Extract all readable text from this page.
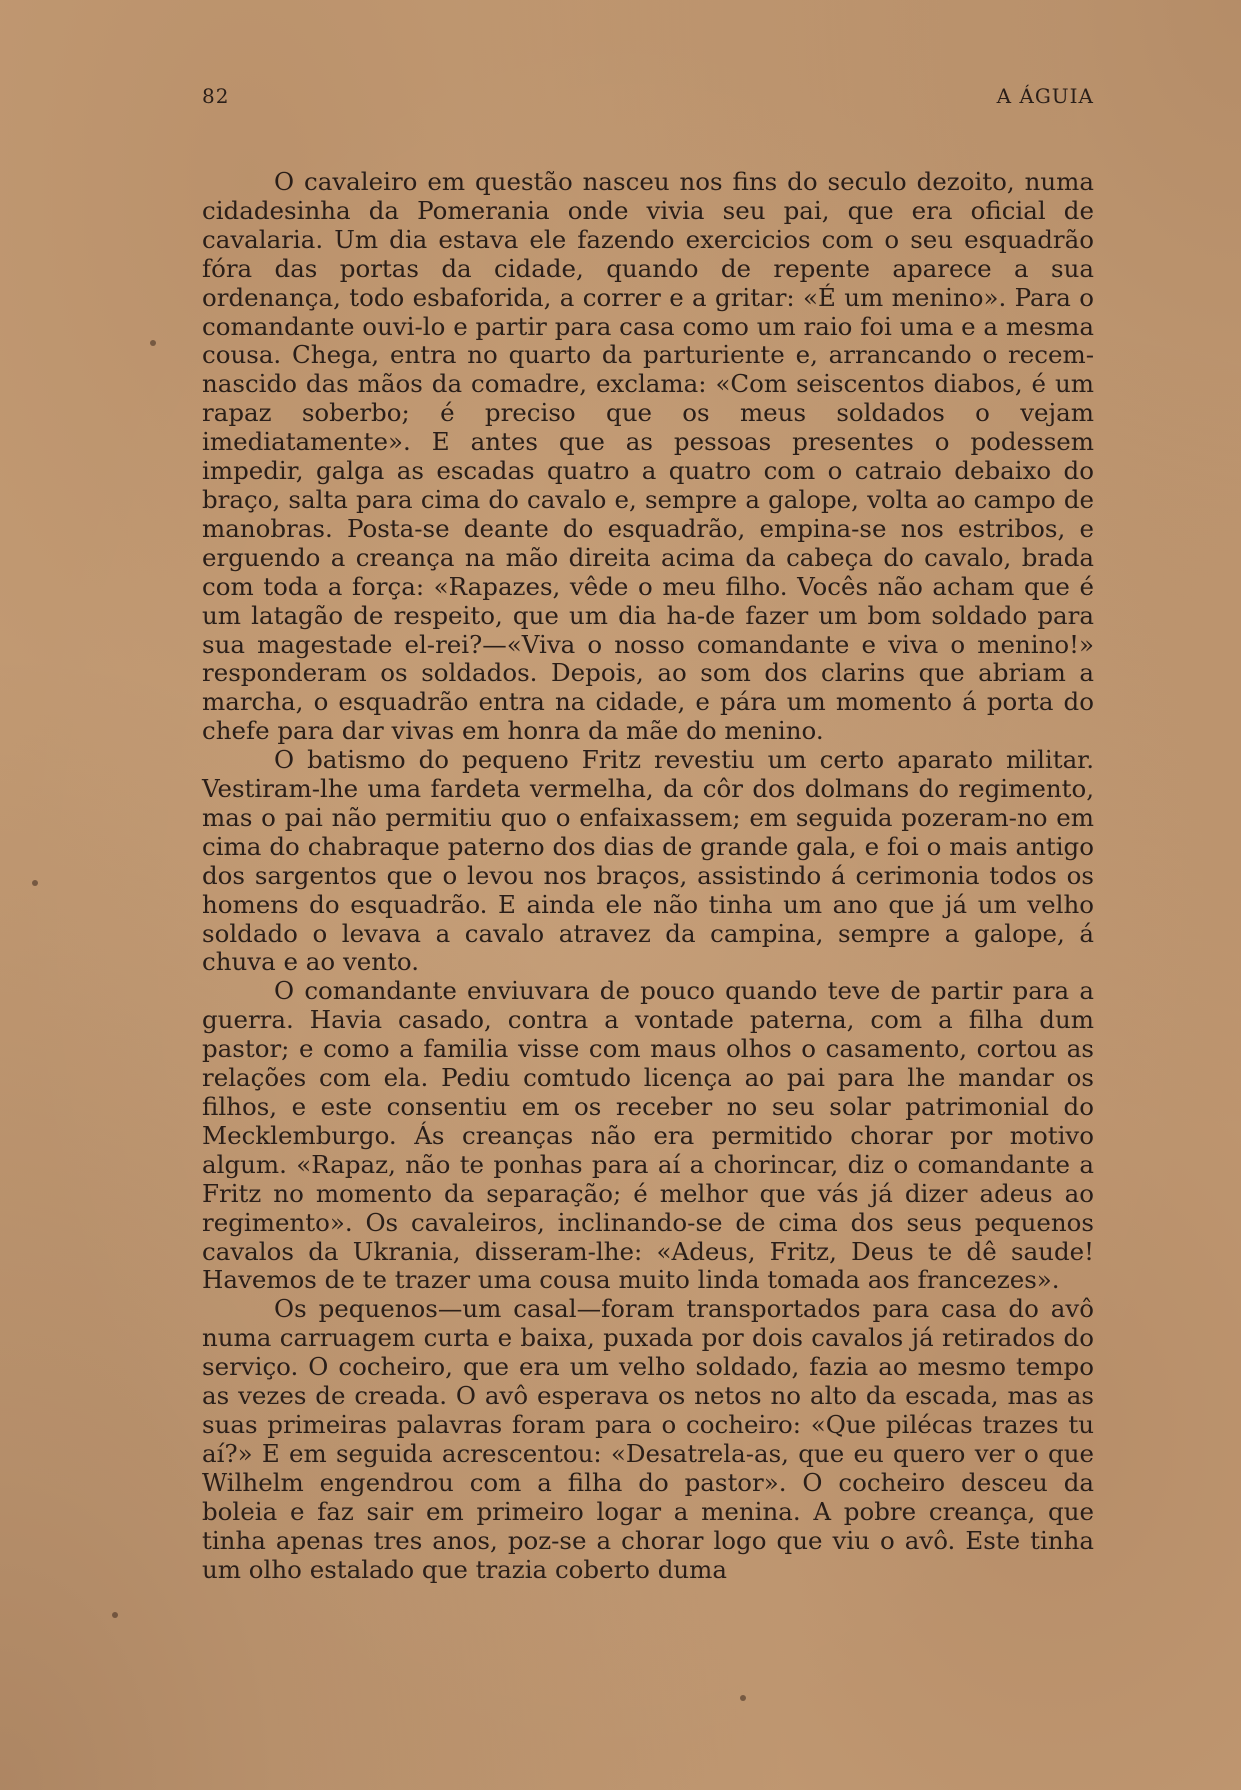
82	A ÁGUIA

O cavaleiro em questão nasceu nos fins do seculo dezoito, numa cidadesinha da Pomerania onde vivia seu pai, que era oficial de cavalaria. Um dia estava ele fazendo exercicios com o seu esquadrão fóra das portas da cidade, quando de repente aparece a sua ordenança, todo esbaforida, a correr e a gritar: «É um menino». Para o comandante ouvi-lo e partir para casa como um raio foi uma e a mesma cousa. Chega, entra no quarto da parturiente e, arrancando o recem-nascido das mãos da comadre, exclama: «Com seiscentos diabos, é um rapaz soberbo; é preciso que os meus soldados o vejam imediatamente». E antes que as pessoas presentes o podessem impedir, galga as escadas quatro a quatro com o catraio debaixo do braço, salta para cima do cavalo e, sempre a galope, volta ao campo de manobras. Posta-se deante do esquadrão, empina-se nos estribos, e erguendo a creança na mão direita acima da cabeça do cavalo, brada com toda a força: «Rapazes, vêde o meu filho. Vocês não acham que é um latagão de respeito, que um dia ha-de fazer um bom soldado para sua magestade el-rei?—«Viva o nosso comandante e viva o menino!» responderam os soldados. Depois, ao som dos clarins que abriam a marcha, o esquadrão entra na cidade, e pára um momento á porta do chefe para dar vivas em honra da mãe do menino.

O batismo do pequeno Fritz revestiu um certo aparato militar. Vestiram-lhe uma fardeta vermelha, da côr dos dolmans do regimento, mas o pai não permitiu quo o enfaixassem; em seguida pozeram-no em cima do chabraque paterno dos dias de grande gala, e foi o mais antigo dos sargentos que o levou nos braços, assistindo á cerimonia todos os homens do esquadrão. E ainda ele não tinha um ano que já um velho soldado o levava a cavalo atravez da campina, sempre a galope, á chuva e ao vento.

O comandante enviuvara de pouco quando teve de partir para a guerra. Havia casado, contra a vontade paterna, com a filha dum pastor; e como a familia visse com maus olhos o casamento, cortou as relações com ela. Pediu comtudo licença ao pai para lhe mandar os filhos, e este consentiu em os receber no seu solar patrimonial do Mecklemburgo. Ás creanças não era permitido chorar por motivo algum. «Rapaz, não te ponhas para aí a chorincar, diz o comandante a Fritz no momento da separação; é melhor que vás já dizer adeus ao regimento». Os cavaleiros, inclinando-se de cima dos seus pequenos cavalos da Ukrania, disseram-lhe: «Adeus, Fritz, Deus te dê saude! Havemos de te trazer uma cousa muito linda tomada aos francezes».

Os pequenos—um casal—foram transportados para casa do avô numa carruagem curta e baixa, puxada por dois cavalos já retirados do serviço. O cocheiro, que era um velho soldado, fazia ao mesmo tempo as vezes de creada. O avô esperava os netos no alto da escada, mas as suas primeiras palavras foram para o cocheiro: «Que pilécas trazes tu aí?» E em seguida acrescentou: «Desatrela-as, que eu quero ver o que Wilhelm engendrou com a filha do pastor». O cocheiro desceu da boleia e faz sair em primeiro logar a menina. A pobre creança, que tinha apenas tres anos, poz-se a chorar logo que viu o avô. Este tinha um olho estalado que trazia coberto duma
